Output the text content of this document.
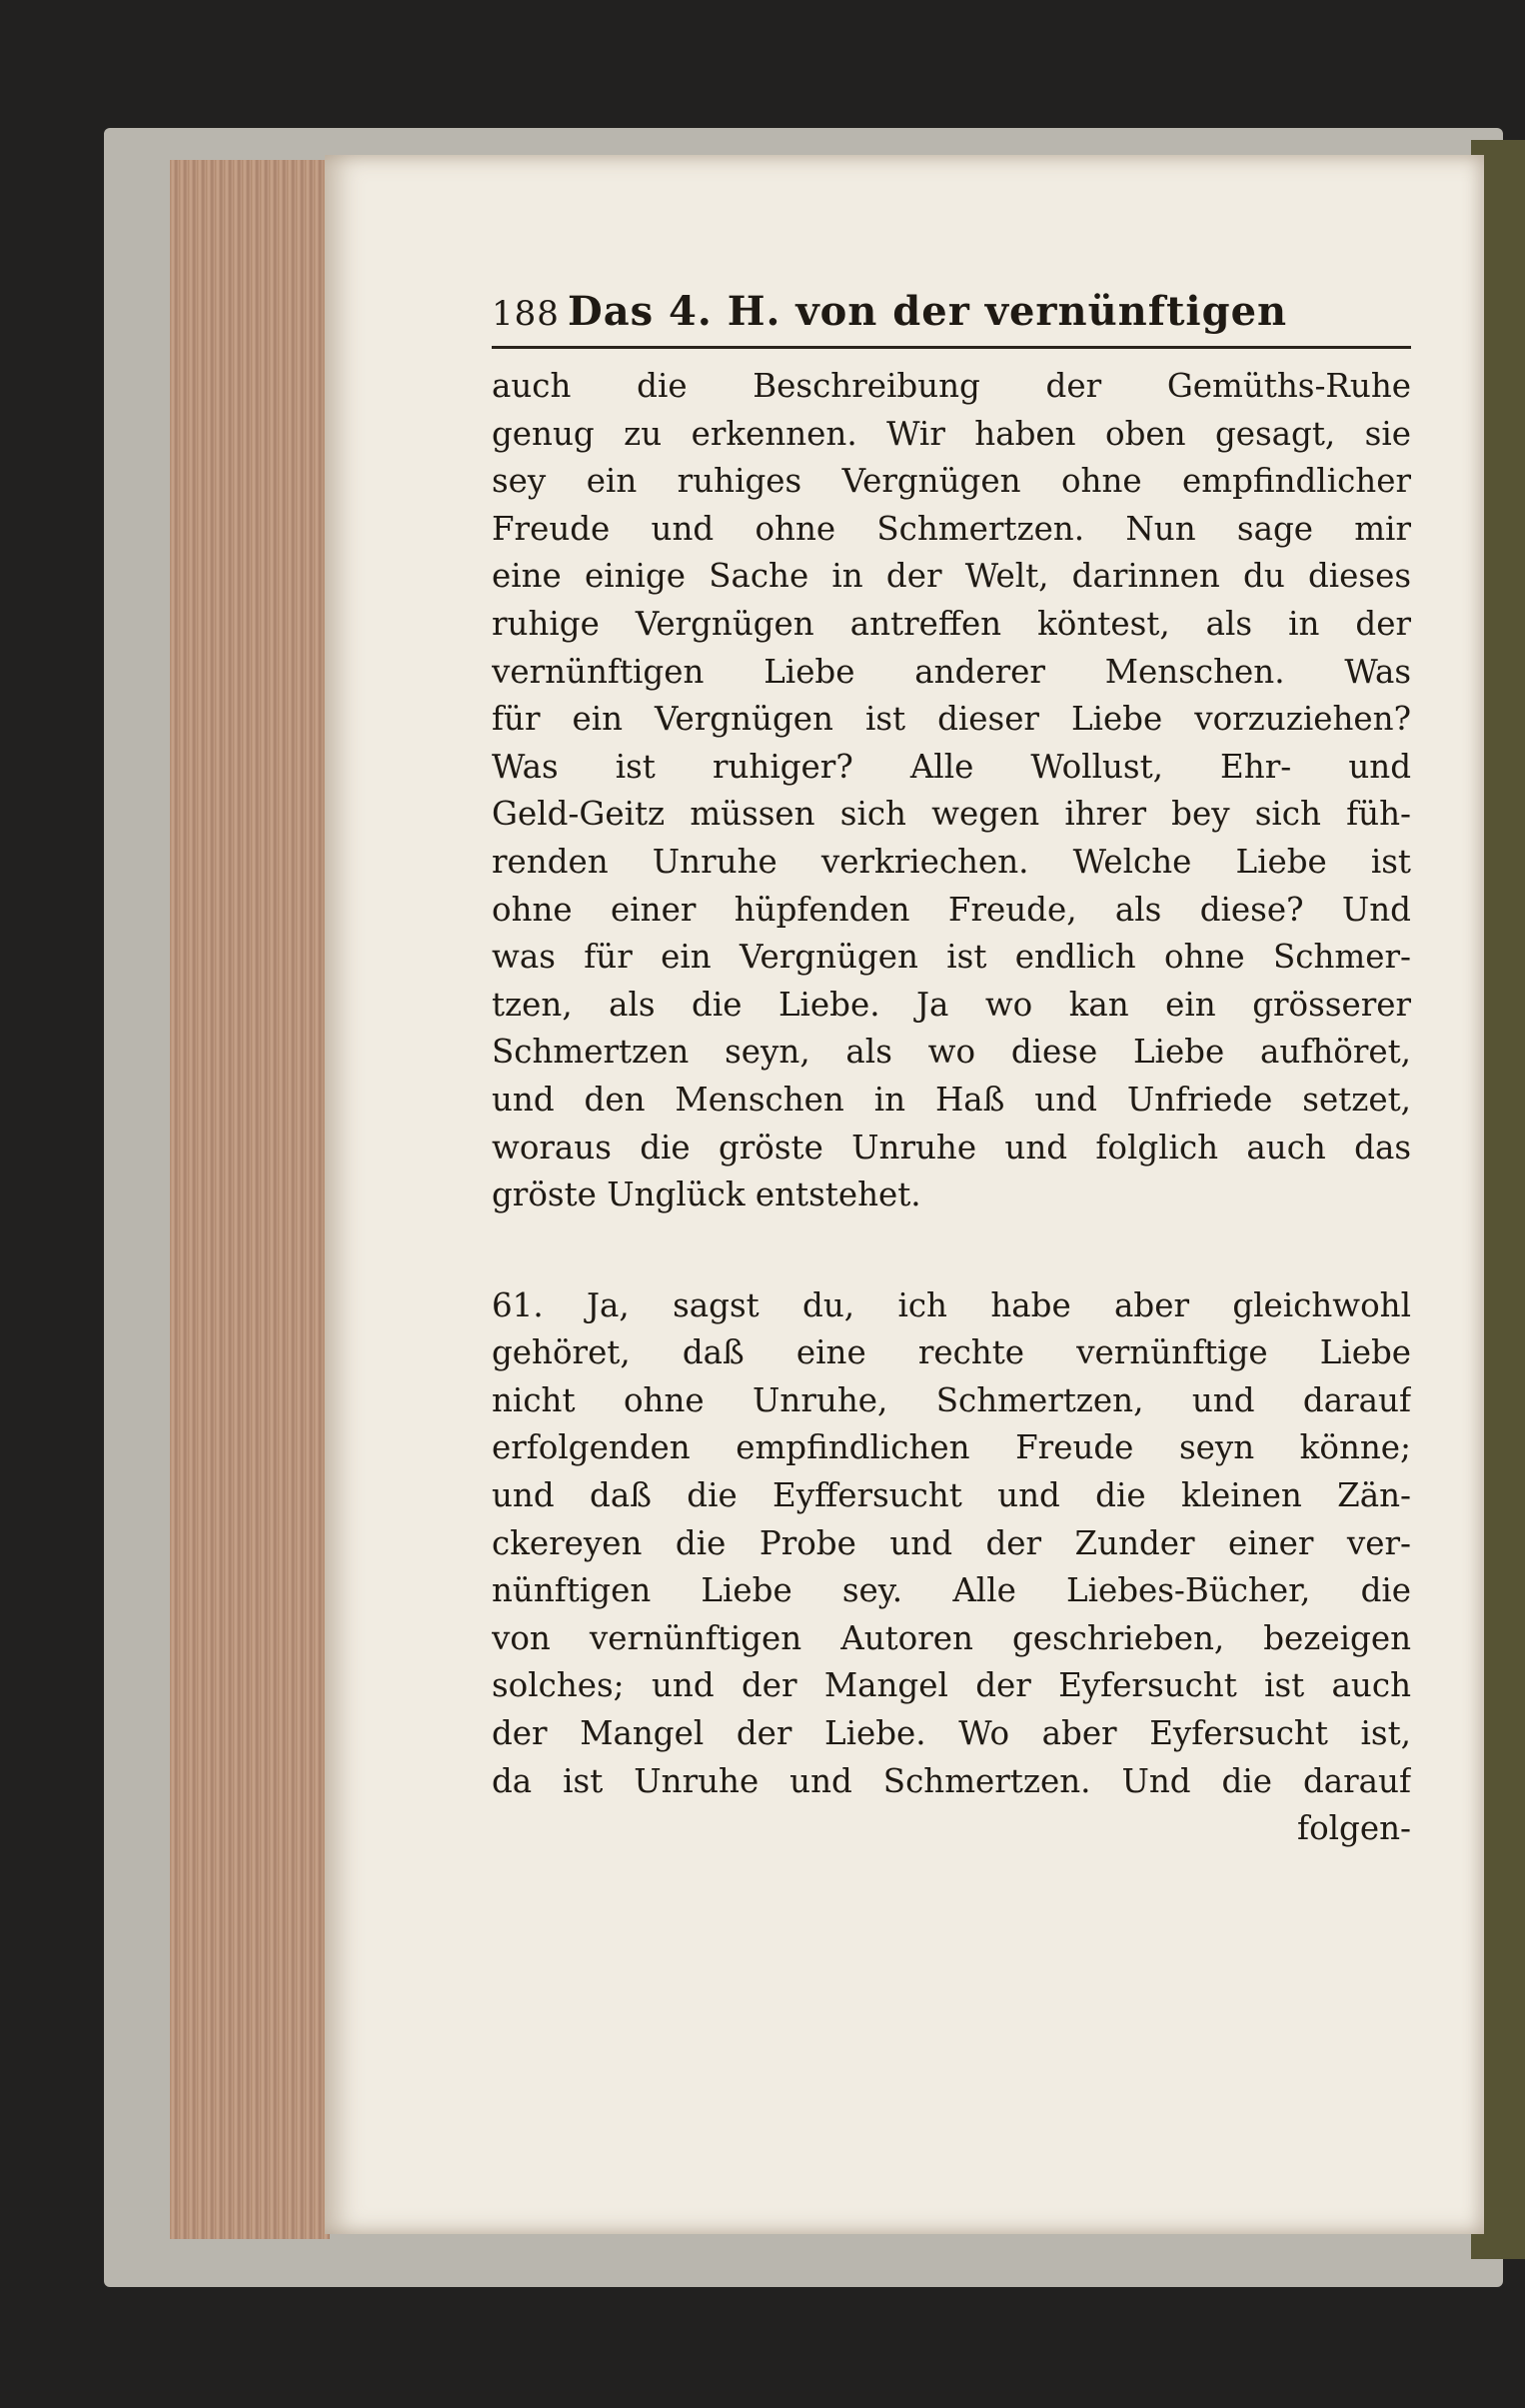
188 Das 4. H. von der vernünftigen
auch die Beschreibung der Gemüths-Ruhe
genug zu erkennen. Wir haben oben gesagt, sie
sey ein ruhiges Vergnügen ohne empfindlicher
Freude und ohne Schmertzen. Nun sage mir
eine einige Sache in der Welt, darinnen du dieses
ruhige Vergnügen antreffen köntest, als in der
vernünftigen Liebe anderer Menschen. Was
für ein Vergnügen ist dieser Liebe vorzuziehen?
Was ist ruhiger? Alle Wollust, Ehr- und
Geld-Geitz müssen sich wegen ihrer bey sich füh-
renden Unruhe verkriechen. Welche Liebe ist
ohne einer hüpfenden Freude, als diese? Und
was für ein Vergnügen ist endlich ohne Schmer-
tzen, als die Liebe. Ja wo kan ein grösserer
Schmertzen seyn, als wo diese Liebe aufhöret,
und den Menschen in Haß und Unfriede setzet,
woraus die gröste Unruhe und folglich auch das
gröste Unglück entstehet.
61. Ja, sagst du, ich habe aber gleichwohl
gehöret, daß eine rechte vernünftige Liebe
nicht ohne Unruhe, Schmertzen, und darauf
erfolgenden empfindlichen Freude seyn könne;
und daß die Eyffersucht und die kleinen Zän-
ckereyen die Probe und der Zunder einer ver-
nünftigen Liebe sey. Alle Liebes-Bücher, die
von vernünftigen Autoren geschrieben, bezeigen
solches; und der Mangel der Eyfersucht ist auch
der Mangel der Liebe. Wo aber Eyfersucht ist,
da ist Unruhe und Schmertzen. Und die darauf
folgen-
